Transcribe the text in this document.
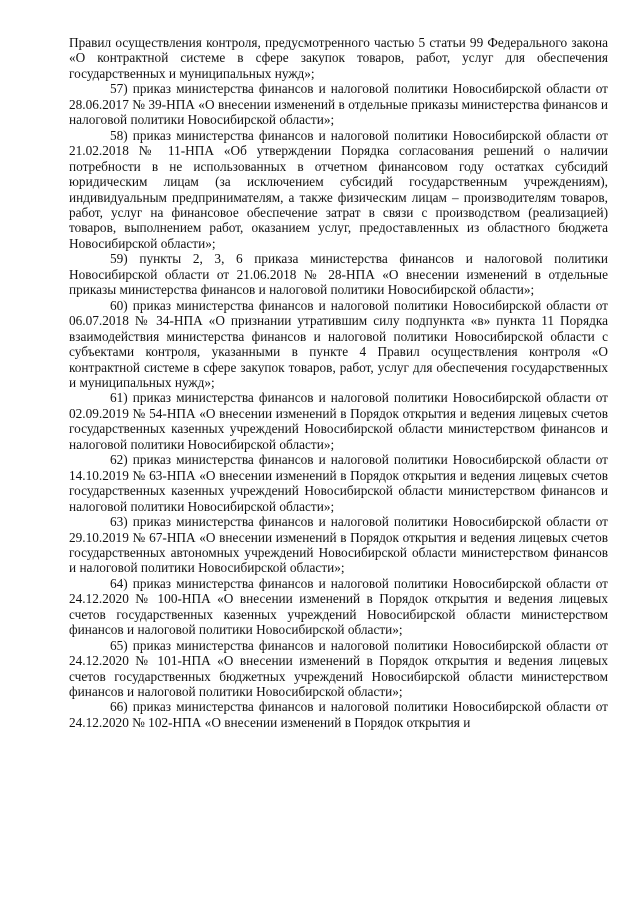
Правил осуществления контроля, предусмотренного частью 5 статьи 99 Федерального закона «О контрактной системе в сфере закупок товаров, работ, услуг для обеспечения государственных и муниципальных нужд»;

57) приказ министерства финансов и налоговой политики Новосибирской области от 28.06.2017 № 39-НПА «О внесении изменений в отдельные приказы министерства финансов и налоговой политики Новосибирской области»;

58) приказ министерства финансов и налоговой политики Новосибирской области от 21.02.2018 № 11-НПА «Об утверждении Порядка согласования решений о наличии потребности в не использованных в отчетном финансовом году остатках субсидий юридическим лицам (за исключением субсидий государственным учреждениям), индивидуальным предпринимателям, а также физическим лицам – производителям товаров, работ, услуг на финансовое обеспечение затрат в связи с производством (реализацией) товаров, выполнением работ, оказанием услуг, предоставленных из областного бюджета Новосибирской области»;

59) пункты 2, 3, 6 приказа министерства финансов и налоговой политики Новосибирской области от 21.06.2018 № 28-НПА «О внесении изменений в отдельные приказы министерства финансов и налоговой политики Новосибирской области»;

60) приказ министерства финансов и налоговой политики Новосибирской области от 06.07.2018 № 34-НПА «О признании утратившим силу подпункта «в» пункта 11 Порядка взаимодействия министерства финансов и налоговой политики Новосибирской области с субъектами контроля, указанными в пункте 4 Правил осуществления контроля «О контрактной системе в сфере закупок товаров, работ, услуг для обеспечения государственных и муниципальных нужд»;

61) приказ министерства финансов и налоговой политики Новосибирской области от 02.09.2019 № 54-НПА «О внесении изменений в Порядок открытия и ведения лицевых счетов государственных казенных учреждений Новосибирской области министерством финансов и налоговой политики Новосибирской области»;

62) приказ министерства финансов и налоговой политики Новосибирской области от 14.10.2019 № 63-НПА «О внесении изменений в Порядок открытия и ведения лицевых счетов государственных казенных учреждений Новосибирской области министерством финансов и налоговой политики Новосибирской области»;

63) приказ министерства финансов и налоговой политики Новосибирской области от 29.10.2019 № 67-НПА «О внесении изменений в Порядок открытия и ведения лицевых счетов государственных автономных учреждений Новосибирской области министерством финансов и налоговой политики Новосибирской области»;

64) приказ министерства финансов и налоговой политики Новосибирской области от 24.12.2020 № 100-НПА «О внесении изменений в Порядок открытия и ведения лицевых счетов государственных казенных учреждений Новосибирской области министерством финансов и налоговой политики Новосибирской области»;

65) приказ министерства финансов и налоговой политики Новосибирской области от 24.12.2020 № 101-НПА «О внесении изменений в Порядок открытия и ведения лицевых счетов государственных бюджетных учреждений Новосибирской области министерством финансов и налоговой политики Новосибирской области»;

66) приказ министерства финансов и налоговой политики Новосибирской области от 24.12.2020 № 102-НПА «О внесении изменений в Порядок открытия и
